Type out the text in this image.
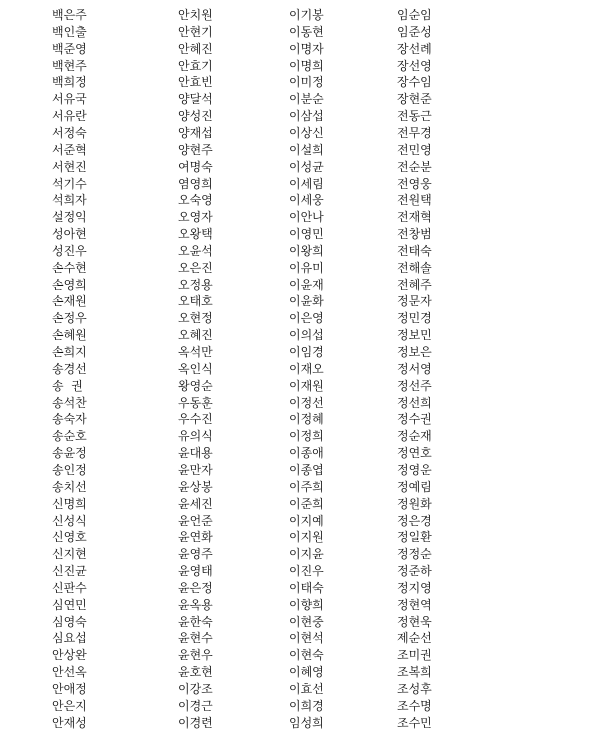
백은주	안치원	이기봉	임순임
백인출	안현기	이동현	임준성
백준영	안혜진	이명자	장선례
백현주	안효기	이명희	장선영
백희정	안효빈	이미정	장수임
서유국	양달석	이분순	장현준
서유란	양성진	이삼섭	전동근
서정숙	양재섭	이상신	전무경
서준혁	양현주	이설희	전민영
서현진	여명숙	이성균	전순분
석기수	염영희	이세림	전영웅
석희자	오숙영	이세웅	전원택
설정익	오영자	이안나	전재혁
성아현	오왕택	이영민	전창범
성진우	오윤석	이왕희	전태숙
손수현	오은진	이유미	전해솔
손영희	오정용	이윤재	전혜주
손재원	오태호	이윤화	정문자
손정우	오현정	이은영	정민경
손혜원	오혜진	이의섭	정보민
손희지	옥석만	이임경	정보은
송경선	옥인식	이재오	정서영
송  권	왕영순	이재원	정선주
송석찬	우동훈	이정선	정선희
송숙자	우수진	이정혜	정수권
송순호	유의식	이정희	정순재
송윤정	윤대용	이종애	정연호
송인정	윤만자	이종엽	정영운
송치선	윤상봉	이주희	정예림
신명희	윤세진	이준희	정원화
신성식	윤언준	이지예	정은경
신영호	윤연화	이지원	정일환
신지현	윤영주	이지윤	정정순
신진균	윤영태	이진우	정준하
신판수	윤은정	이태숙	정지영
심연민	윤옥용	이향희	정현역
심영숙	윤한숙	이현중	정현욱
심요섭	윤현수	이현석	제순선
안상완	윤현우	이현숙	조미권
안선옥	윤호현	이혜영	조복희
안애정	이강조	이효선	조성후
안은지	이경근	이희경	조수명
안재성	이경련	임성희	조수민
